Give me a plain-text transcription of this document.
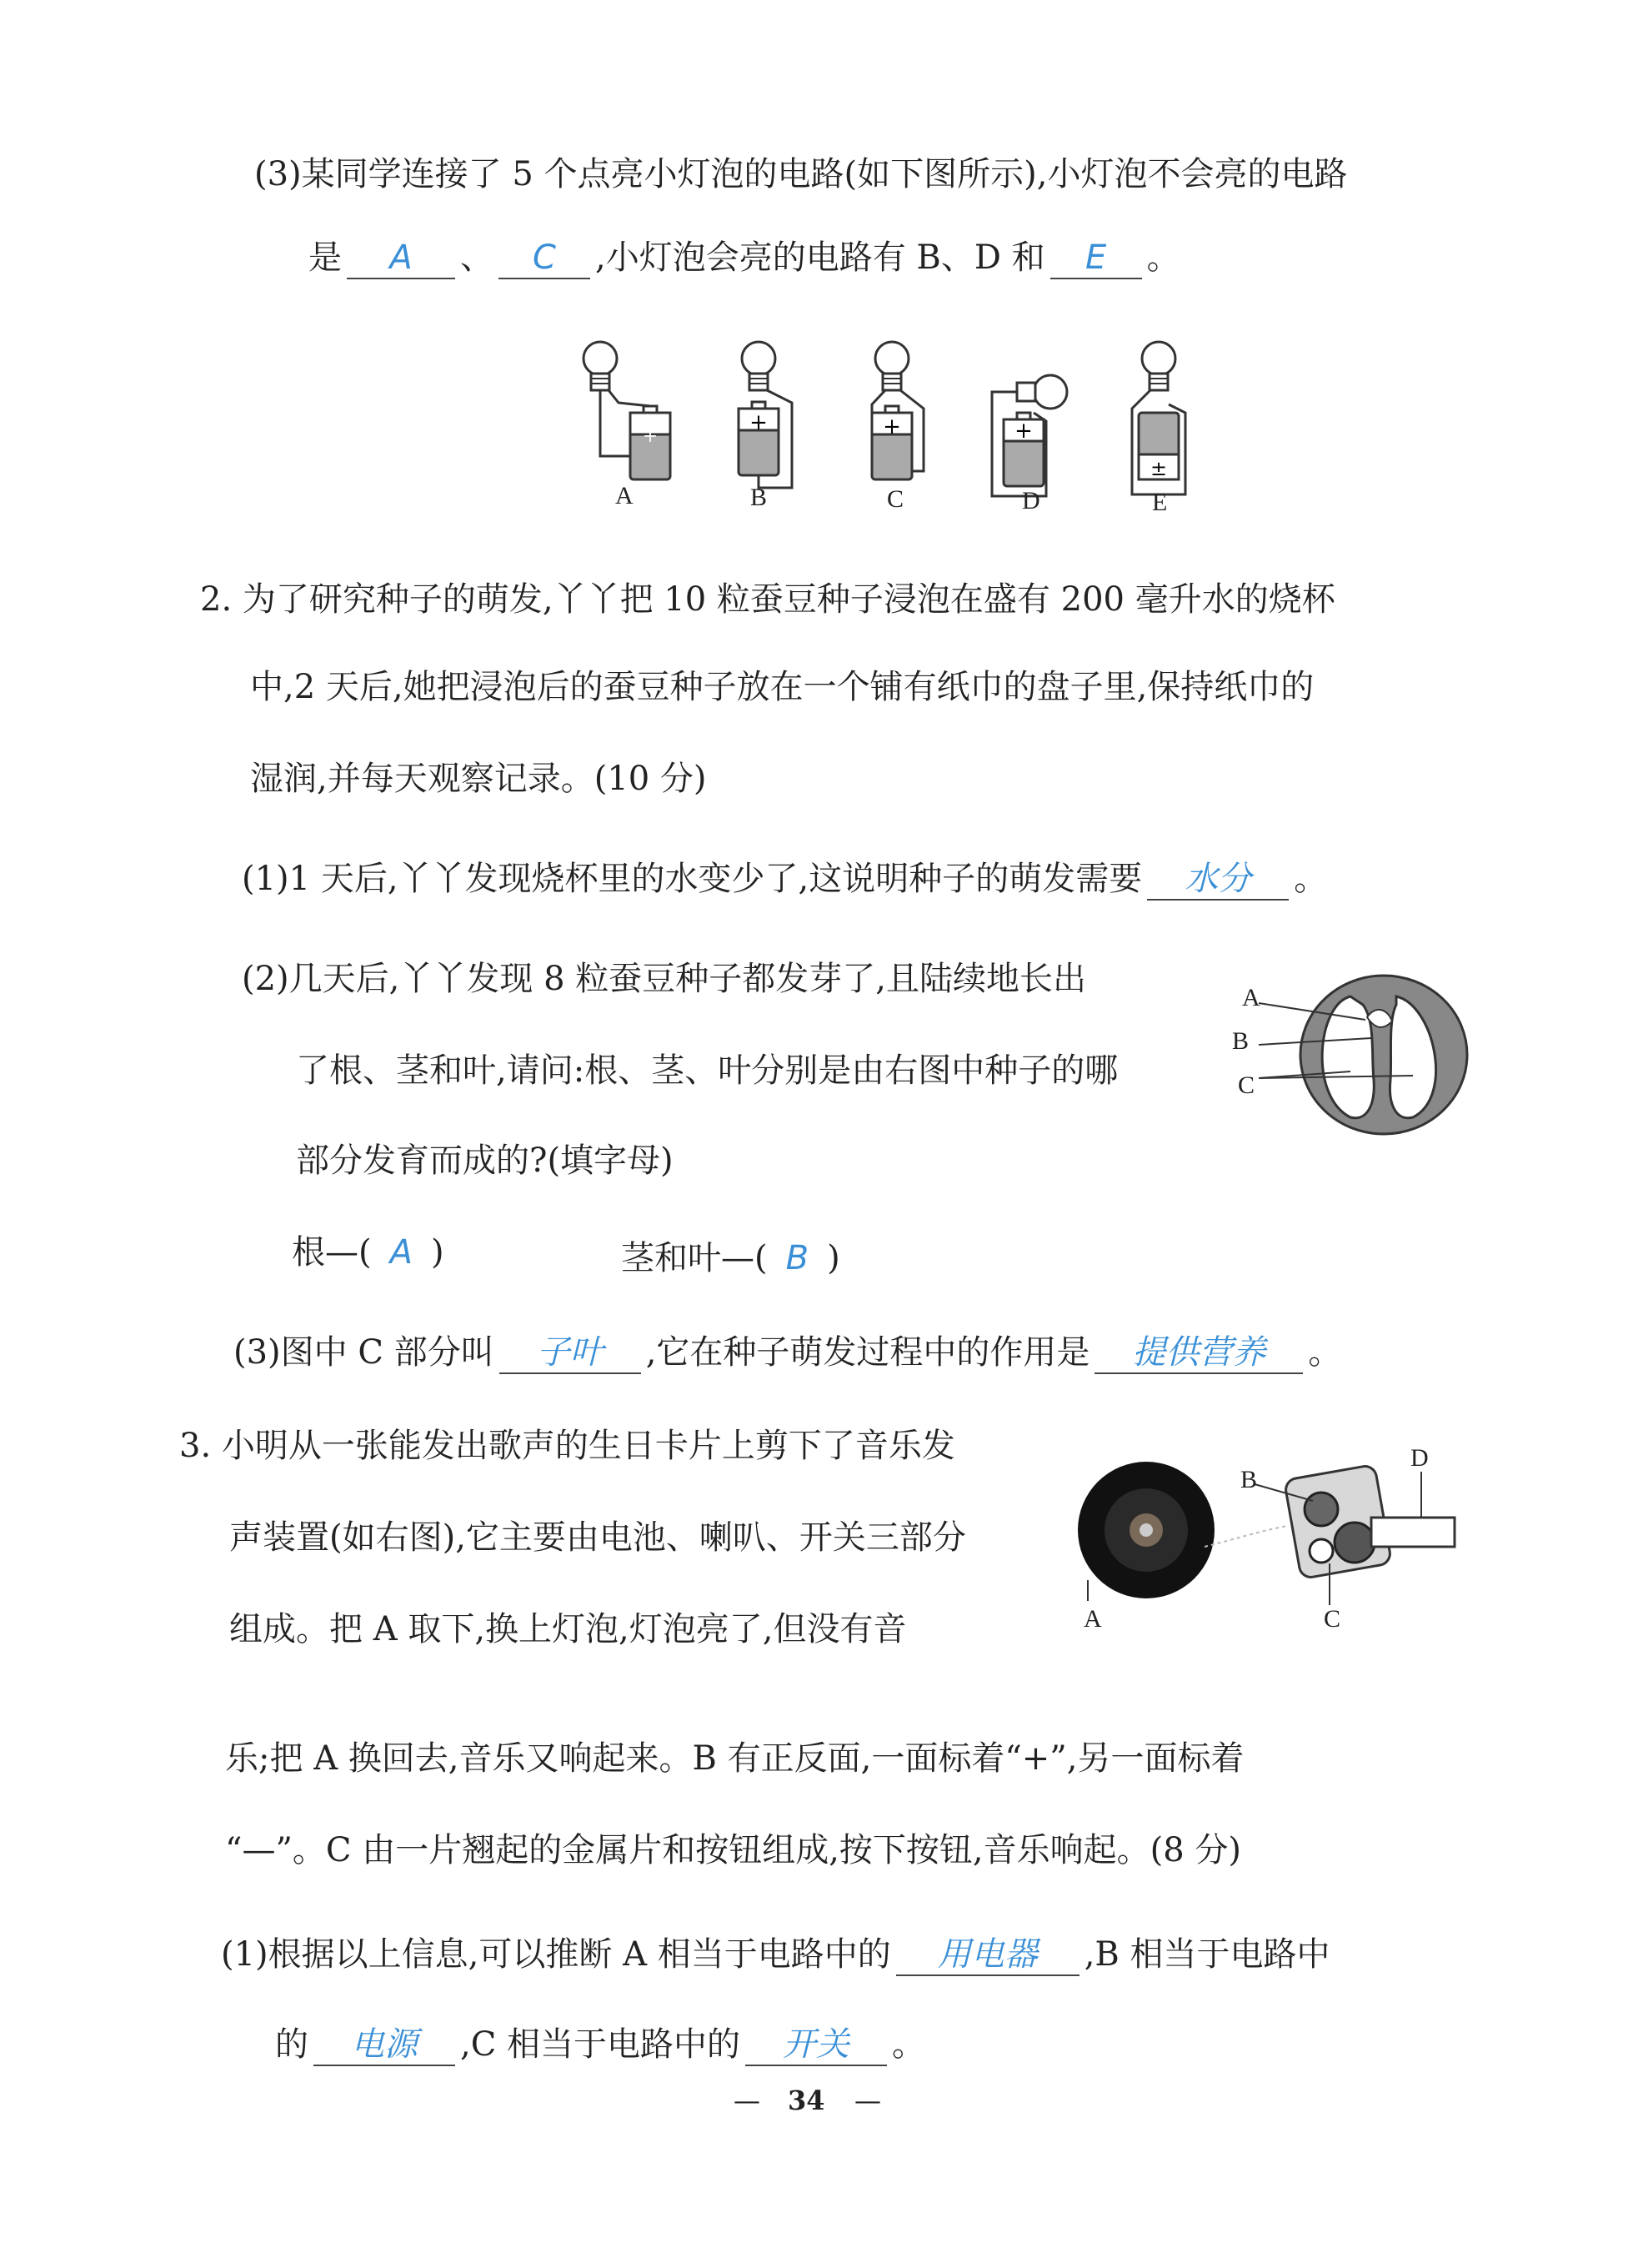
(3)某同学连接了 5 个点亮小灯泡的电路(如下图所示),小灯泡不会亮的电路
是 A 、 C ,小灯泡会亮的电路有 B、D 和 E 。
+
+	+	+
±
A	B	C	D	E
2. 为了研究种子的萌发,丫丫把 10 粒蚕豆种子浸泡在盛有 200 毫升水的烧杯
中,2 天后,她把浸泡后的蚕豆种子放在一个铺有纸巾的盘子里,保持纸巾的
湿润,并每天观察记录。(10 分)
(1)1 天后,丫丫发现烧杯里的水变少了,这说明种子的萌发需要 水分 。
(2)几天后,丫丫发现 8 粒蚕豆种子都发芽了,且陆续地长出
了根、茎和叶,请问:根、茎、叶分别是由右图中种子的哪
部分发育而成的?(填字母)
根—( A )	茎和叶—( B )
A
B
C
(3)图中 C 部分叫 子叶 ,它在种子萌发过程中的作用是 提供营养 。
3. 小明从一张能发出歌声的生日卡片上剪下了音乐发
声装置(如右图),它主要由电池、喇叭、开关三部分
组成。把 A 取下,换上灯泡,灯泡亮了,但没有音
乐;把 A 换回去,音乐又响起来。B 有正反面,一面标着“+”,另一面标着
“—”。C 由一片翘起的金属片和按钮组成,按下按钮,音乐响起。(8 分)
A
B
C
D
(1)根据以上信息,可以推断 A 相当于电路中的 用电器 ,B 相当于电路中
的 电源 ,C 相当于电路中的 开关 。
— 34 —
